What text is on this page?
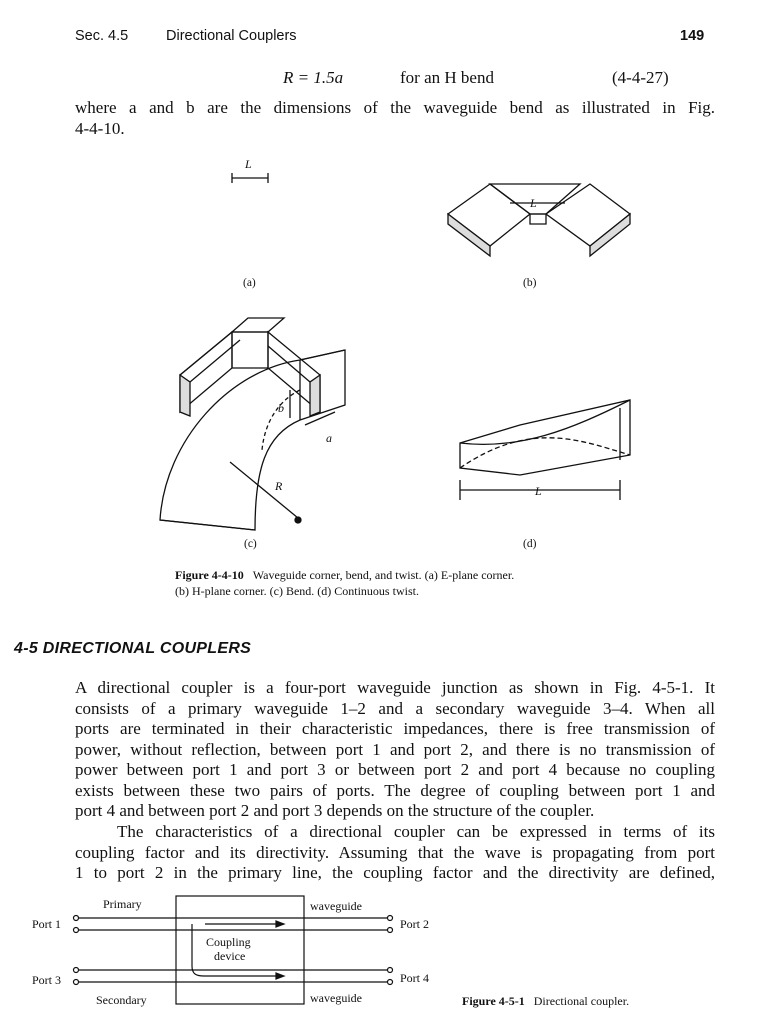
Sec. 4.5	Directional Couplers	149
R = 1.5a	for an H bend	(4-4-27)

where a and b are the dimensions of the waveguide bend as illustrated in Fig.
4-4-10.

L
L
b
a
R	L
(a)	(b)
(c)	(d)
Figure 4-4-10 Waveguide corner, bend, and twist. (a) E-plane corner.
(b) H-plane corner. (c) Bend. (d) Continuous twist.
4-5 DIRECTIONAL COUPLERS

A directional coupler is a four-port waveguide junction as shown in Fig. 4-5-1. It
consists of a primary waveguide 1–2 and a secondary waveguide 3–4. When all
ports are terminated in their characteristic impedances, there is free transmission of
power, without reflection, between port 1 and port 2, and there is no transmission of
power between port 1 and port 3 or between port 2 and port 4 because no coupling
exists between these two pairs of ports. The degree of coupling between port 1 and
port 4 and between port 2 and port 3 depends on the structure of the coupler.

The characteristics of a directional coupler can be expressed in terms of its
coupling factor and its directivity. Assuming that the wave is propagating from port
1 to port 2 in the primary line, the coupling factor and the directivity are defined,

Primary	waveguide
Port 1	Port 2
Coupling
device
Port 3	Port 4
Secondary	waveguide	Figure 4-5-1 Directional coupler.
